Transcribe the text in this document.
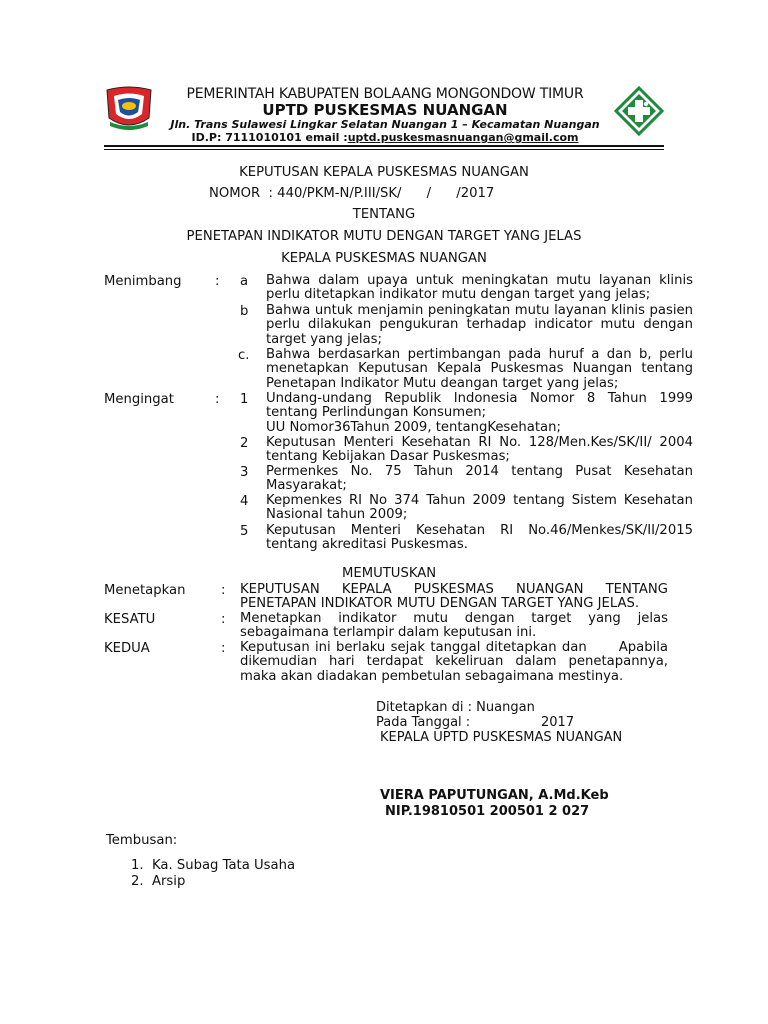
PEMERINTAH KABUPATEN BOLAANG MONGONDOW TIMUR
UPTD PUSKESMAS NUANGAN
Jln. Trans Sulawesi Lingkar Selatan Nuangan 1 – Kecamatan Nuangan
ID.P: 7111010101 email :uptd.puskesmasnuangan@gmail.com
KEPUTUSAN KEPALA PUSKESMAS NUANGAN
NOMOR  : 440/PKM-N/P.III/SK/      /      /2017
TENTANG
PENETAPAN INDIKATOR MUTU DENGAN TARGET YANG JELAS
KEPALA PUSKESMAS NUANGAN
Menimbang	: a Bahwa dalam upaya untuk meningkatan mutu layanan klinis perlu ditetapkan indikator mutu dengan target yang jelas;
b Bahwa untuk menjamin peningkatan mutu layanan klinis pasien perlu dilakukan pengukuran terhadap indicator mutu dengan target yang jelas;
c. Bahwa berdasarkan pertimbangan pada huruf a dan b, perlu menetapkan Keputusan Kepala Puskesmas Nuangan tentang Penetapan Indikator Mutu deangan target yang jelas;
Mengingat	: 1 Undang-undang Republik Indonesia Nomor 8 Tahun 1999 tentang Perlindungan Konsumen;
UU Nomor36Tahun 2009, tentangKesehatan;
2 Keputusan Menteri Kesehatan RI No. 128/Men.Kes/SK/II/ 2004 tentang Kebijakan Dasar Puskesmas;
3 Permenkes No. 75 Tahun 2014 tentang Pusat Kesehatan Masyarakat;
4 Kepmenkes RI No 374 Tahun 2009 tentang Sistem Kesehatan Nasional tahun 2009;
5 Keputusan Menteri Kesehatan RI No.46/Menkes/SK/II/2015 tentang akreditasi Puskesmas.
MEMUTUSKAN
Menetapkan	: KEPUTUSAN KEPALA PUSKESMAS NUANGAN TENTANG PENETAPAN INDIKATOR MUTU DENGAN TARGET YANG JELAS.
KESATU	: Menetapkan indikator mutu dengan target yang jelas sebagaimana terlampir dalam keputusan ini.
KEDUA	: Keputusan ini berlaku sejak tanggal ditetapkan dan      Apabila dikemudian hari terdapat kekeliruan dalam penetapannya, maka akan diadakan pembetulan sebagaimana mestinya.
Ditetapkan di : Nuangan
Pada Tanggal :	2017
KEPALA UPTD PUSKESMAS NUANGAN
VIERA PAPUTUNGAN, A.Md.Keb
NIP.19810501 200501 2 027
Tembusan:
1.  Ka. Subag Tata Usaha
2.  Arsip
